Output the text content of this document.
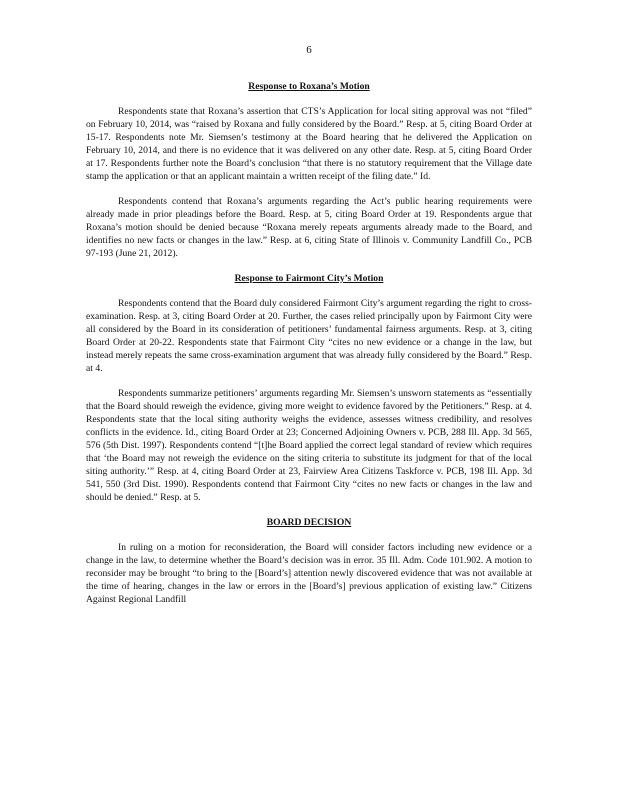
6
Response to Roxana’s Motion

Respondents state that Roxana’s assertion that CTS’s Application for local siting approval was not “filed” on February 10, 2014, was “raised by Roxana and fully considered by the Board.” Resp. at 5, citing Board Order at 15-17. Respondents note Mr. Siemsen’s testimony at the Board hearing that he delivered the Application on February 10, 2014, and there is no evidence that it was delivered on any other date. Resp. at 5, citing Board Order at 17. Respondents further note the Board’s conclusion “that there is no statutory requirement that the Village date stamp the application or that an applicant maintain a written receipt of the filing date.” Id.

Respondents contend that Roxana’s arguments regarding the Act’s public hearing requirements were already made in prior pleadings before the Board. Resp. at 5, citing Board Order at 19. Respondents argue that Roxana’s motion should be denied because “Roxana merely repeats arguments already made to the Board, and identifies no new facts or changes in the law.” Resp. at 6, citing State of Illinois v. Community Landfill Co., PCB 97-193 (June 21, 2012).

Response to Fairmont City’s Motion

Respondents contend that the Board duly considered Fairmont City’s argument regarding the right to cross-examination. Resp. at 3, citing Board Order at 20. Further, the cases relied principally upon by Fairmont City were all considered by the Board in its consideration of petitioners’ fundamental fairness arguments. Resp. at 3, citing Board Order at 20-22. Respondents state that Fairmont City “cites no new evidence or a change in the law, but instead merely repeats the same cross-examination argument that was already fully considered by the Board.” Resp. at 4.

Respondents summarize petitioners’ arguments regarding Mr. Siemsen’s unsworn statements as “essentially that the Board should reweigh the evidence, giving more weight to evidence favored by the Petitioners.” Resp. at 4. Respondents state that the local siting authority weighs the evidence, assesses witness credibility, and resolves conflicts in the evidence. Id., citing Board Order at 23; Concerned Adjoining Owners v. PCB, 288 Ill. App. 3d 565, 576 (5th Dist. 1997). Respondents contend “[t]he Board applied the correct legal standard of review which requires that ‘the Board may not reweigh the evidence on the siting criteria to substitute its judgment for that of the local siting authority.’” Resp. at 4, citing Board Order at 23, Fairview Area Citizens Taskforce v. PCB, 198 Ill. App. 3d 541, 550 (3rd Dist. 1990). Respondents contend that Fairmont City “cites no new facts or changes in the law and should be denied.” Resp. at 5.

BOARD DECISION

In ruling on a motion for reconsideration, the Board will consider factors including new evidence or a change in the law, to determine whether the Board’s decision was in error. 35 Ill. Adm. Code 101.902. A motion to reconsider may be brought “to bring to the [Board’s] attention newly discovered evidence that was not available at the time of hearing, changes in the law or errors in the [Board’s] previous application of existing law.” Citizens Against Regional Landfill
